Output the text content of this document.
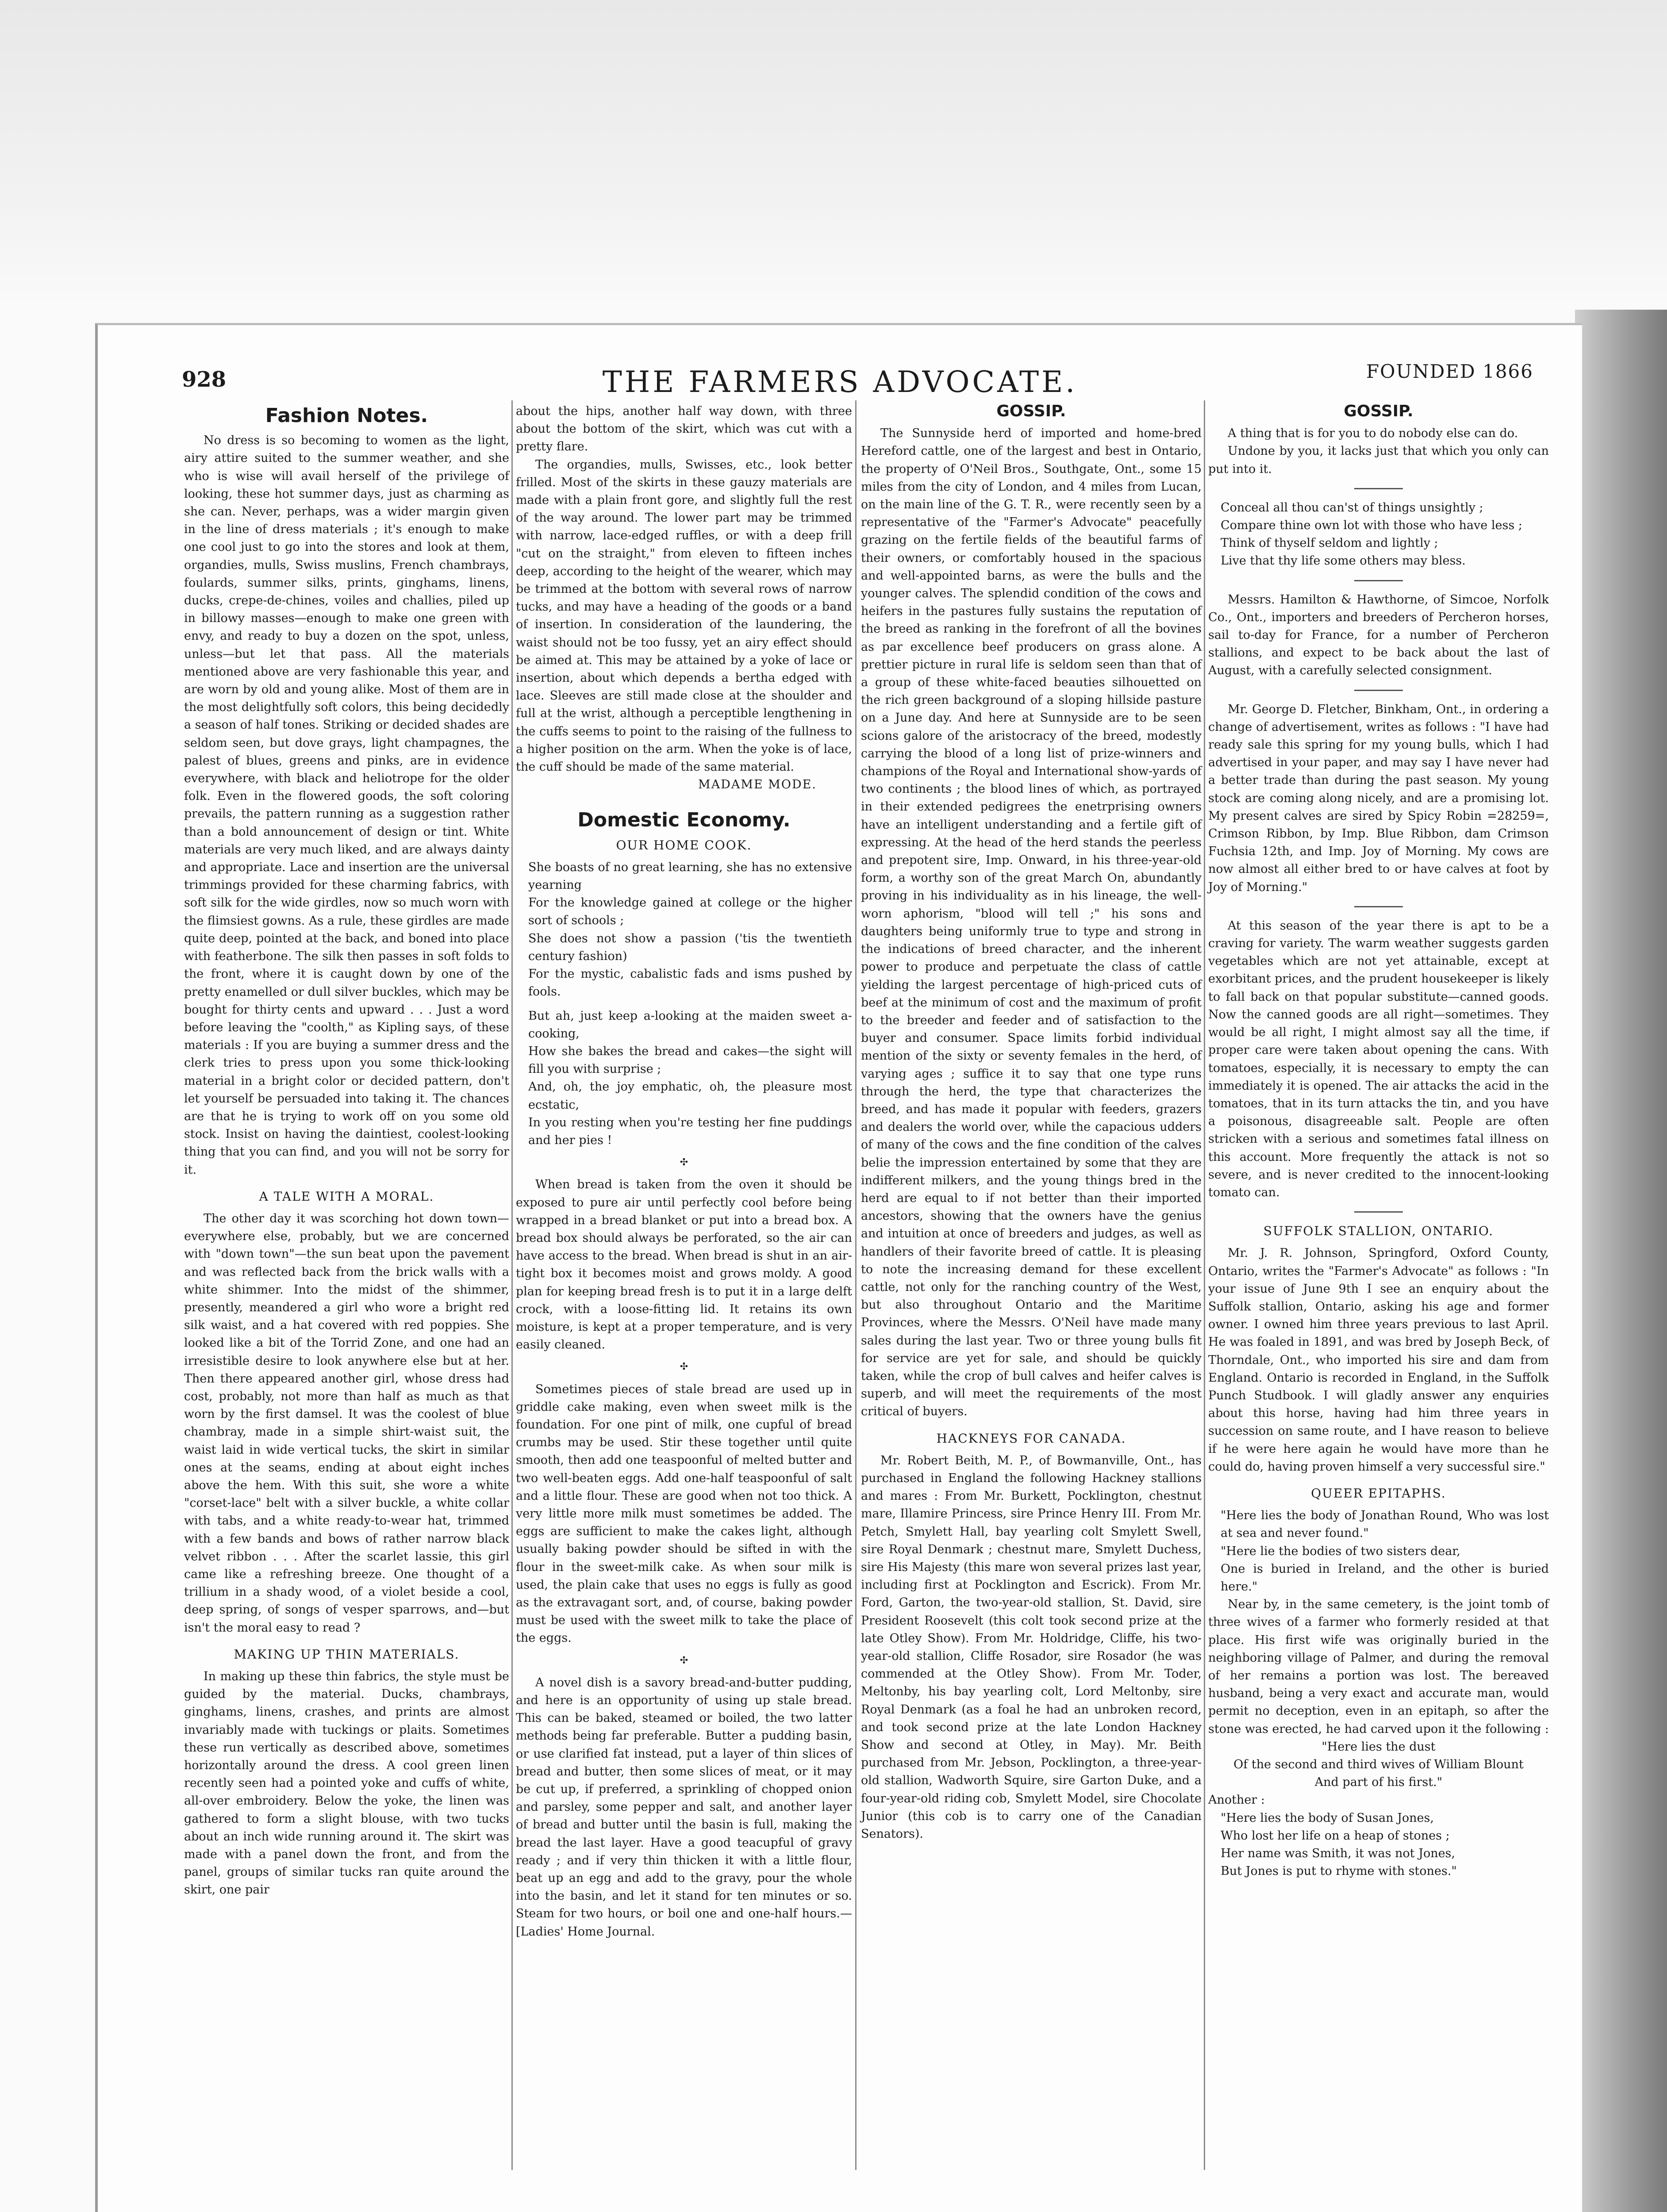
928	THE FARMERS ADVOCATE.	FOUNDED 1866
Fashion Notes.

No dress is so becoming to women as the light, airy attire suited to the summer weather, and she who is wise will avail herself of the privilege of looking, these hot summer days, just as charming as she can. Never, perhaps, was a wider margin given in the line of dress materials ; it's enough to make one cool just to go into the stores and look at them, organdies, mulls, Swiss muslins, French chambrays, foulards, summer silks, prints, ginghams, linens, ducks, crepe-de-chines, voiles and challies, piled up in billowy masses—enough to make one green with envy, and ready to buy a dozen on the spot, unless, unless—but let that pass. All the materials mentioned above are very fashionable this year, and are worn by old and young alike. Most of them are in the most delightfully soft colors, this being decidedly a season of half tones. Striking or decided shades are seldom seen, but dove grays, light champagnes, the palest of blues, greens and pinks, are in evidence everywhere, with black and heliotrope for the older folk. Even in the flowered goods, the soft coloring prevails, the pattern running as a suggestion rather than a bold announcement of design or tint. White materials are very much liked, and are always dainty and appropriate. Lace and insertion are the universal trimmings provided for these charming fabrics, with soft silk for the wide girdles, now so much worn with the flimsiest gowns. As a rule, these girdles are made quite deep, pointed at the back, and boned into place with featherbone. The silk then passes in soft folds to the front, where it is caught down by one of the pretty enamelled or dull silver buckles, which may be bought for thirty cents and upward . . . Just a word before leaving the "coolth," as Kipling says, of these materials : If you are buying a summer dress and the clerk tries to press upon you some thick-looking material in a bright color or decided pattern, don't let yourself be persuaded into taking it. The chances are that he is trying to work off on you some old stock. Insist on having the daintiest, coolest-looking thing that you can find, and you will not be sorry for it.

A TALE WITH A MORAL.

The other day it was scorching hot down town—everywhere else, probably, but we are concerned with "down town"—the sun beat upon the pavement and was reflected back from the brick walls with a white shimmer. Into the midst of the shimmer, presently, meandered a girl who wore a bright red silk waist, and a hat covered with red poppies. She looked like a bit of the Torrid Zone, and one had an irresistible desire to look anywhere else but at her. Then there appeared another girl, whose dress had cost, probably, not more than half as much as that worn by the first damsel. It was the coolest of blue chambray, made in a simple shirt-waist suit, the waist laid in wide vertical tucks, the skirt in similar ones at the seams, ending at about eight inches above the hem. With this suit, she wore a white "corset-lace" belt with a silver buckle, a white collar with tabs, and a white ready-to-wear hat, trimmed with a few bands and bows of rather narrow black velvet ribbon . . . After the scarlet lassie, this girl came like a refreshing breeze. One thought of a trillium in a shady wood, of a violet beside a cool, deep spring, of songs of vesper sparrows, and—but isn't the moral easy to read ?

MAKING UP THIN MATERIALS.

In making up these thin fabrics, the style must be guided by the material. Ducks, chambrays, ginghams, linens, crashes, and prints are almost invariably made with tuckings or plaits. Sometimes these run vertically as described above, sometimes horizontally around the dress. A cool green linen recently seen had a pointed yoke and cuffs of white, all-over embroidery. Below the yoke, the linen was gathered to form a slight blouse, with two tucks about an inch wide running around it. The skirt was made with a panel down the front, and from the panel, groups of similar tucks ran quite around the skirt, one pair

about the hips, another half way down, with three about the bottom of the skirt, which was cut with a pretty flare.

The organdies, mulls, Swisses, etc., look better frilled. Most of the skirts in these gauzy materials are made with a plain front gore, and slightly full the rest of the way around. The lower part may be trimmed with narrow, lace-edged ruffles, or with a deep frill "cut on the straight," from eleven to fifteen inches deep, according to the height of the wearer, which may be trimmed at the bottom with several rows of narrow tucks, and may have a heading of the goods or a band of insertion. In consideration of the laundering, the waist should not be too fussy, yet an airy effect should be aimed at. This may be attained by a yoke of lace or insertion, about which depends a bertha edged with lace. Sleeves are still made close at the shoulder and full at the wrist, although a perceptible lengthening in the cuffs seems to point to the raising of the fullness to a higher position on the arm. When the yoke is of lace, the cuff should be made of the same material.

MADAME MODE.
Domestic Economy.
OUR HOME COOK.

She boasts of no great learning, she has no extensive yearning
For the knowledge gained at college or the higher sort of schools ;
She does not show a passion ('tis the twentieth century fashion)
For the mystic, cabalistic fads and isms pushed by fools.
But ah, just keep a-looking at the maiden sweet a-cooking,
How she bakes the bread and cakes—the sight will fill you with surprise ;
And, oh, the joy emphatic, oh, the pleasure most ecstatic,
In you resting when you're testing her fine puddings and her pies !

✣

When bread is taken from the oven it should be exposed to pure air until perfectly cool before being wrapped in a bread blanket or put into a bread box. A bread box should always be perforated, so the air can have access to the bread. When bread is shut in an air-tight box it becomes moist and grows moldy. A good plan for keeping bread fresh is to put it in a large delft crock, with a loose-fitting lid. It retains its own moisture, is kept at a proper temperature, and is very easily cleaned.

✣

Sometimes pieces of stale bread are used up in griddle cake making, even when sweet milk is the foundation. For one pint of milk, one cupful of bread crumbs may be used. Stir these together until quite smooth, then add one teaspoonful of melted butter and two well-beaten eggs. Add one-half teaspoonful of salt and a little flour. These are good when not too thick. A very little more milk must sometimes be added. The eggs are sufficient to make the cakes light, although usually baking powder should be sifted in with the flour in the sweet-milk cake. As when sour milk is used, the plain cake that uses no eggs is fully as good as the extravagant sort, and, of course, baking powder must be used with the sweet milk to take the place of the eggs.

✣

A novel dish is a savory bread-and-butter pudding, and here is an opportunity of using up stale bread. This can be baked, steamed or boiled, the two latter methods being far preferable. Butter a pudding basin, or use clarified fat instead, put a layer of thin slices of bread and butter, then some slices of meat, or it may be cut up, if preferred, a sprinkling of chopped onion and parsley, some pepper and salt, and another layer of bread and butter until the basin is full, making the bread the last layer. Have a good teacupful of gravy ready ; and if very thin thicken it with a little flour, beat up an egg and add to the gravy, pour the whole into the basin, and let it stand for ten minutes or so. Steam for two hours, or boil one and one-half hours.—[Ladies' Home Journal.

GOSSIP.

The Sunnyside herd of imported and home-bred Hereford cattle, one of the largest and best in Ontario, the property of O'Neil Bros., Southgate, Ont., some 15 miles from the city of London, and 4 miles from Lucan, on the main line of the G. T. R., were recently seen by a representative of the "Farmer's Advocate" peacefully grazing on the fertile fields of the beautiful farms of their owners, or comfortably housed in the spacious and well-appointed barns, as were the bulls and the younger calves. The splendid condition of the cows and heifers in the pastures fully sustains the reputation of the breed as ranking in the forefront of all the bovines as par excellence beef producers on grass alone. A prettier picture in rural life is seldom seen than that of a group of these white-faced beauties silhouetted on the rich green background of a sloping hillside pasture on a June day. And here at Sunnyside are to be seen scions galore of the aristocracy of the breed, modestly carrying the blood of a long list of prize-winners and champions of the Royal and International show-yards of two continents ; the blood lines of which, as portrayed in their extended pedigrees the enetrprising owners have an intelligent understanding and a fertile gift of expressing. At the head of the herd stands the peerless and prepotent sire, Imp. Onward, in his three-year-old form, a worthy son of the great March On, abundantly proving in his individuality as in his lineage, the well-worn aphorism, "blood will tell ;" his sons and daughters being uniformly true to type and strong in the indications of breed character, and the inherent power to produce and perpetuate the class of cattle yielding the largest percentage of high-priced cuts of beef at the minimum of cost and the maximum of profit to the breeder and feeder and of satisfaction to the buyer and consumer. Space limits forbid individual mention of the sixty or seventy females in the herd, of varying ages ; suffice it to say that one type runs through the herd, the type that characterizes the breed, and has made it popular with feeders, grazers and dealers the world over, while the capacious udders of many of the cows and the fine condition of the calves belie the impression entertained by some that they are indifferent milkers, and the young things bred in the herd are equal to if not better than their imported ancestors, showing that the owners have the genius and intuition at once of breeders and judges, as well as handlers of their favorite breed of cattle. It is pleasing to note the increasing demand for these excellent cattle, not only for the ranching country of the West, but also throughout Ontario and the Maritime Provinces, where the Messrs. O'Neil have made many sales during the last year. Two or three young bulls fit for service are yet for sale, and should be quickly taken, while the crop of bull calves and heifer calves is superb, and will meet the requirements of the most critical of buyers.

HACKNEYS FOR CANADA.

Mr. Robert Beith, M. P., of Bowmanville, Ont., has purchased in England the following Hackney stallions and mares : From Mr. Burkett, Pocklington, chestnut mare, Illamire Princess, sire Prince Henry III. From Mr. Petch, Smylett Hall, bay yearling colt Smylett Swell, sire Royal Denmark ; chestnut mare, Smylett Duchess, sire His Majesty (this mare won several prizes last year, including first at Pocklington and Escrick). From Mr. Ford, Garton, the two-year-old stallion, St. David, sire President Roosevelt (this colt took second prize at the late Otley Show). From Mr. Holdridge, Cliffe, his two-year-old stallion, Cliffe Rosador, sire Rosador (he was commended at the Otley Show). From Mr. Toder, Meltonby, his bay yearling colt, Lord Meltonby, sire Royal Denmark (as a foal he had an unbroken record, and took second prize at the late London Hackney Show and second at Otley, in May). Mr. Beith purchased from Mr. Jebson, Pocklington, a three-year-old stallion, Wadworth Squire, sire Garton Duke, and a four-year-old riding cob, Smylett Model, sire Chocolate Junior (this cob is to carry one of the Canadian Senators).

GOSSIP.

A thing that is for you to do nobody else can do.

Undone by you, it lacks just that which you only can put into it.

Conceal all thou can'st of things unsightly ;
Compare thine own lot with those who have less ;
Think of thyself seldom and lightly ;
Live that thy life some others may bless.

Messrs. Hamilton & Hawthorne, of Simcoe, Norfolk Co., Ont., importers and breeders of Percheron horses, sail to-day for France, for a number of Percheron stallions, and expect to be back about the last of August, with a carefully selected consignment.

Mr. George D. Fletcher, Binkham, Ont., in ordering a change of advertisement, writes as follows : "I have had ready sale this spring for my young bulls, which I had advertised in your paper, and may say I have never had a better trade than during the past season. My young stock are coming along nicely, and are a promising lot. My present calves are sired by Spicy Robin =28259=, Crimson Ribbon, by Imp. Blue Ribbon, dam Crimson Fuchsia 12th, and Imp. Joy of Morning. My cows are now almost all either bred to or have calves at foot by Joy of Morning."

At this season of the year there is apt to be a craving for variety. The warm weather suggests garden vegetables which are not yet attainable, except at exorbitant prices, and the prudent housekeeper is likely to fall back on that popular substitute—canned goods. Now the canned goods are all right—sometimes. They would be all right, I might almost say all the time, if proper care were taken about opening the cans. With tomatoes, especially, it is necessary to empty the can immediately it is opened. The air attacks the acid in the tomatoes, that in its turn attacks the tin, and you have a poisonous, disagreeable salt. People are often stricken with a serious and sometimes fatal illness on this account. More frequently the attack is not so severe, and is never credited to the innocent-looking tomato can.

SUFFOLK STALLION, ONTARIO.

Mr. J. R. Johnson, Springford, Oxford County, Ontario, writes the "Farmer's Advocate" as follows : "In your issue of June 9th I see an enquiry about the Suffolk stallion, Ontario, asking his age and former owner. I owned him three years previous to last April. He was foaled in 1891, and was bred by Joseph Beck, of Thorndale, Ont., who imported his sire and dam from England. Ontario is recorded in England, in the Suffolk Punch Studbook. I will gladly answer any enquiries about this horse, having had him three years in succession on same route, and I have reason to believe if he were here again he would have more than he could do, having proven himself a very successful sire."

QUEER EPITAPHS.

"Here lies the body of Jonathan Round, Who was lost at sea and never found."
"Here lie the bodies of two sisters dear,
One is buried in Ireland, and the other is buried here."

Near by, in the same cemetery, is the joint tomb of three wives of a farmer who formerly resided at that place. His first wife was originally buried in the neighboring village of Palmer, and during the removal of her remains a portion was lost. The bereaved husband, being a very exact and accurate man, would permit no deception, even in an epitaph, so after the stone was erected, he had carved upon it the following :

"Here lies the dust
Of the second and third wives of William Blount
And part of his first."

Another :

"Here lies the body of Susan Jones,
Who lost her life on a heap of stones ;
Her name was Smith, it was not Jones,
But Jones is put to rhyme with stones."
